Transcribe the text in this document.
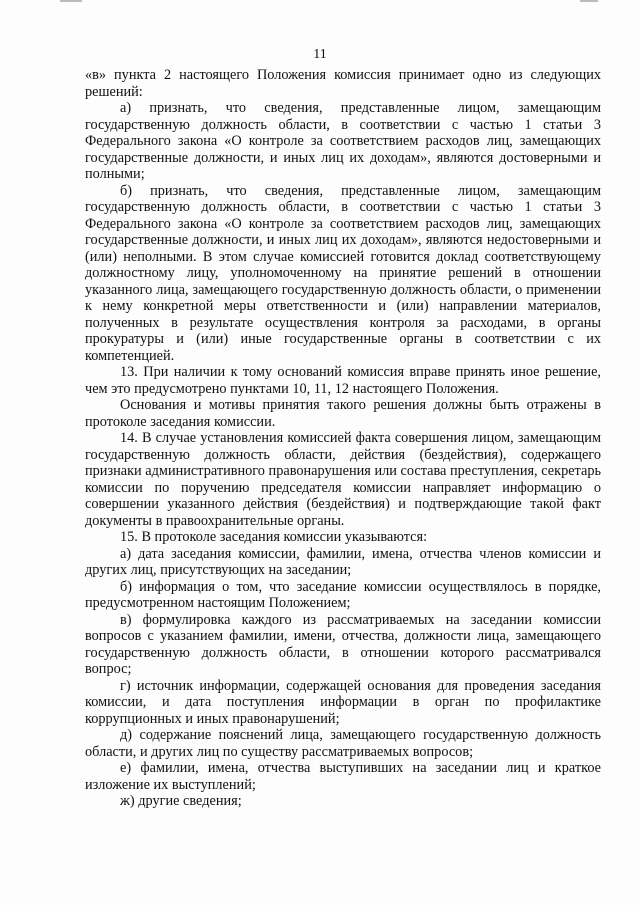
11

«в» пункта 2 настоящего Положения комиссия принимает одно из следующих решений:

а) признать, что сведения, представленные лицом, замещающим государственную должность области, в соответствии с частью 1 статьи 3 Федерального закона «О контроле за соответствием расходов лиц, замещающих государственные должности, и иных лиц их доходам», являются достоверными и полными;

б) признать, что сведения, представленные лицом, замещающим государственную должность области, в соответствии с частью 1 статьи 3 Федерального закона «О контроле за соответствием расходов лиц, замещающих государственные должности, и иных лиц их доходам», являются недостоверными и (или) неполными. В этом случае комиссией готовится доклад соответствующему должностному лицу, уполномоченному на принятие решений в отношении указанного лица, замещающего государственную должность области, о применении к нему конкретной меры ответственности и (или) направлении материалов, полученных в результате осуществления контроля за расходами, в органы прокуратуры и (или) иные государственные органы в соответствии с их компетенцией.

13. При наличии к тому оснований комиссия вправе принять иное решение, чем это предусмотрено пунктами 10, 11, 12 настоящего Положения.

Основания и мотивы принятия такого решения должны быть отражены в протоколе заседания комиссии.

14. В случае установления комиссией факта совершения лицом, замещающим государственную должность области, действия (бездействия), содержащего признаки административного правонарушения или состава преступления, секретарь комиссии по поручению председателя комиссии направляет информацию о совершении указанного действия (бездействия) и подтверждающие такой факт документы в правоохранительные органы.

15. В протоколе заседания комиссии указываются:

а) дата заседания комиссии, фамилии, имена, отчества членов комиссии и других лиц, присутствующих на заседании;

б) информация о том, что заседание комиссии осуществлялось в порядке, предусмотренном настоящим Положением;

в) формулировка каждого из рассматриваемых на заседании комиссии вопросов с указанием фамилии, имени, отчества, должности лица, замещающего государственную должность области, в отношении которого рассматривался вопрос;

г) источник информации, содержащей основания для проведения заседания комиссии, и дата поступления информации в орган по профилактике коррупционных и иных правонарушений;

д) содержание пояснений лица, замещающего государственную должность области, и других лиц по существу рассматриваемых вопросов;

е) фамилии, имена, отчества выступивших на заседании лиц и краткое изложение их выступлений;

ж) другие сведения;
